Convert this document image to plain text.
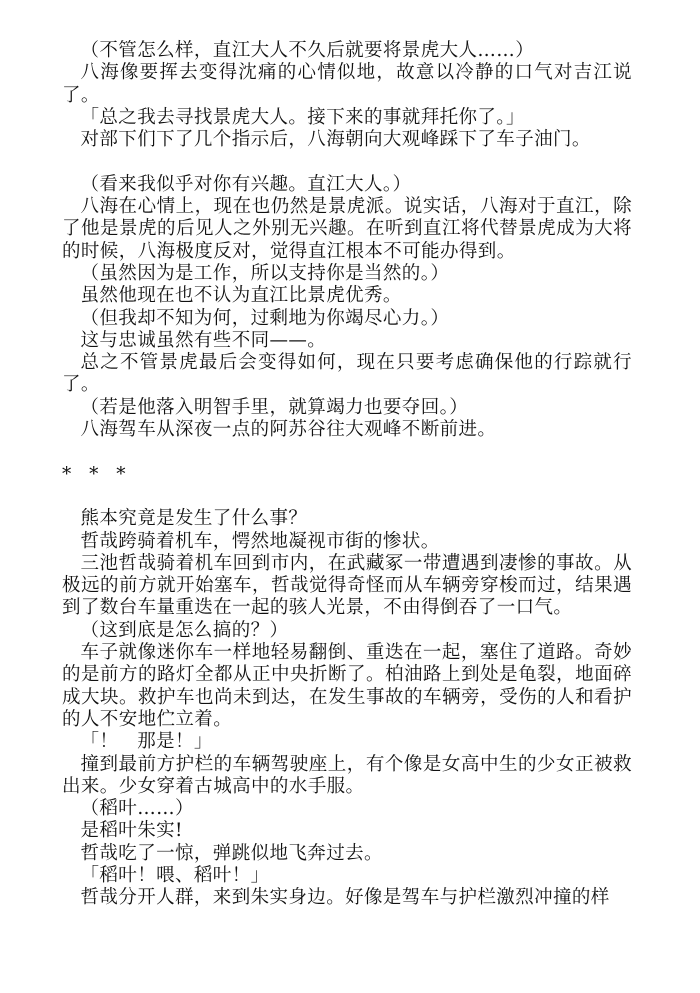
（不管怎么样，直江大人不久后就要将景虎大人……）
八海像要挥去变得沈痛的心情似地，故意以冷静的口气对吉江说了。
「总之我去寻找景虎大人。接下来的事就拜托你了。」
对部下们下了几个指示后，八海朝向大观峰踩下了车子油门。
（看来我似乎对你有兴趣。直江大人。）
八海在心情上，现在也仍然是景虎派。说实话，八海对于直江，除了他是景虎的后见人之外别无兴趣。在听到直江将代替景虎成为大将的时候，八海极度反对，觉得直江根本不可能办得到。
（虽然因为是工作，所以支持你是当然的。）
虽然他现在也不认为直江比景虎优秀。
（但我却不知为何，过剩地为你竭尽心力。）
这与忠诚虽然有些不同——。
总之不管景虎最后会变得如何，现在只要考虑确保他的行踪就行了。
（若是他落入明智手里，就算竭力也要夺回。）
八海驾车从深夜一点的阿苏谷往大观峰不断前进。
* * *
熊本究竟是发生了什么事？
哲哉跨骑着机车，愕然地凝视市街的惨状。
三池哲哉骑着机车回到市内，在武藏冢一带遭遇到凄惨的事故。从极远的前方就开始塞车，哲哉觉得奇怪而从车辆旁穿梭而过，结果遇到了数台车量重迭在一起的骇人光景，不由得倒吞了一口气。
（这到底是怎么搞的？）
车子就像迷你车一样地轻易翻倒、重迭在一起，塞住了道路。奇妙的是前方的路灯全都从正中央折断了。柏油路上到处是龟裂，地面碎成大块。救护车也尚未到达，在发生事故的车辆旁，受伤的人和看护的人不安地伫立着。
「！　那是！」
撞到最前方护栏的车辆驾驶座上，有个像是女高中生的少女正被救出来。少女穿着古城高中的水手服。
（稻叶……）
是稻叶朱实!
哲哉吃了一惊，弹跳似地飞奔过去。
「稻叶！喂、稻叶！」
哲哉分开人群，来到朱实身边。好像是驾车与护栏激烈冲撞的样
